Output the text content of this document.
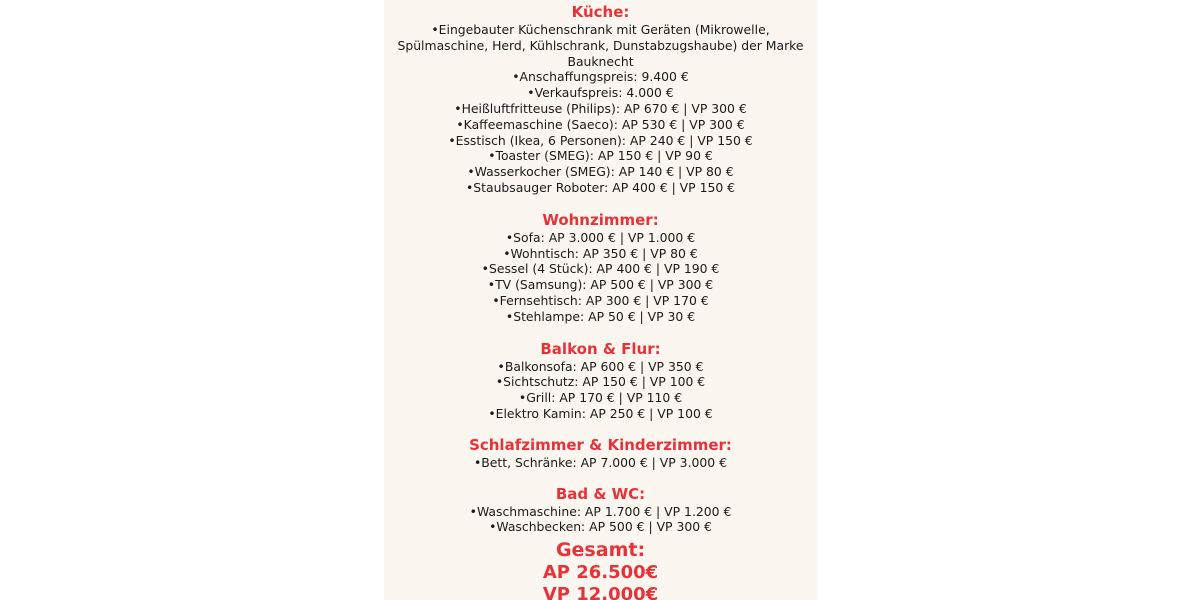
Küche:

•Eingebauter Küchenschrank mit Geräten (Mikrowelle, Spülmaschine, Herd, Kühlschrank, Dunstabzugshaube) der Marke Bauknecht

•Anschaffungspreis: 9.400 €

•Verkaufspreis: 4.000 €

•Heißluftfritteuse (Philips): AP 670 € | VP 300 €

•Kaffeemaschine (Saeco): AP 530 € | VP 300 €

•Esstisch (Ikea, 6 Personen): AP 240 € | VP 150 €

•Toaster (SMEG): AP 150 € | VP 90 €

•Wasserkocher (SMEG): AP 140 € | VP 80 €

•Staubsauger Roboter: AP 400 € | VP 150 €

Wohnzimmer:

•Sofa: AP 3.000 € | VP 1.000 €

•Wohntisch: AP 350 € | VP 80 €

•Sessel (4 Stück): AP 400 € | VP 190 €

•TV (Samsung): AP 500 € | VP 300 €

•Fernsehtisch: AP 300 € | VP 170 €

•Stehlampe: AP 50 € | VP 30 €

Balkon & Flur:

•Balkonsofa: AP 600 € | VP 350 €

•Sichtschutz: AP 150 € | VP 100 €

•Grill: AP 170 € | VP 110 €

•Elektro Kamin: AP 250 € | VP 100 €

Schlafzimmer & Kinderzimmer:

•Bett, Schränke: AP 7.000 € | VP 3.000 €

Bad & WC:

•Waschmaschine: AP 1.700 € | VP 1.200 €

•Waschbecken: AP 500 € | VP 300 €

Gesamt:

AP 26.500€

VP 12.000€
